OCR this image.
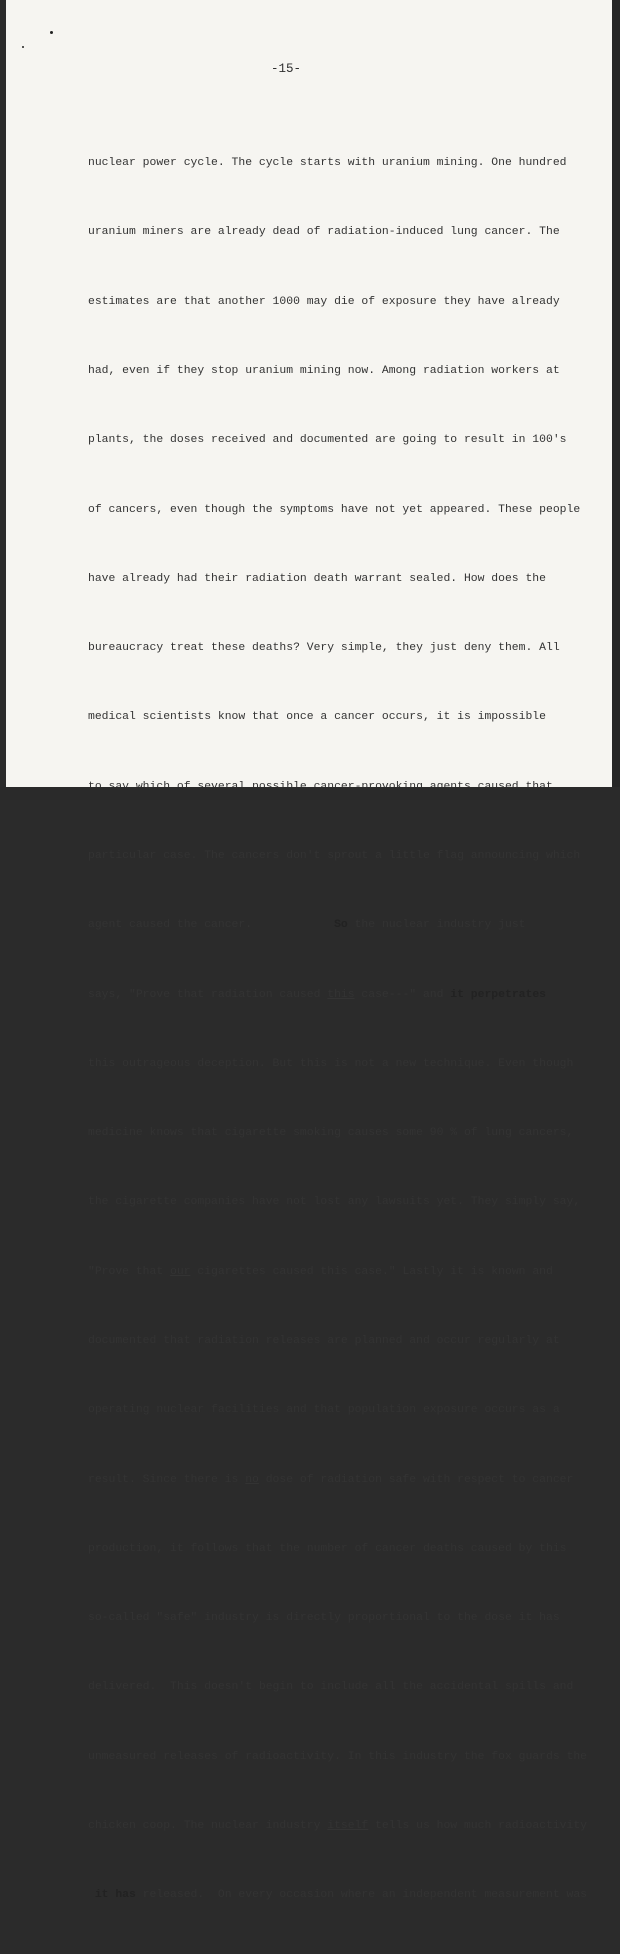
-15-

nuclear power cycle. The cycle starts with uranium mining. One hundred

uranium miners are already dead of radiation-induced lung cancer. The

estimates are that another 1000 may die of exposure they have already

had, even if they stop uranium mining now. Among radiation workers at

plants, the doses received and documented are going to result in 100's

of cancers, even though the symptoms have not yet appeared. These people

have already had their radiation death warrant sealed. How does the

bureaucracy treat these deaths? Very simple, they just deny them. All

medical scientists know that once a cancer occurs, it is impossible

particular case. The cancers don't sprout a little flag announcing which

agent caused the cancer.	So the nuclear industry just

says, "Prove that radiation caused this case---" and it perpetrates

this outrageous deception. But this is not a new technique. Even though

medicine knows that cigarette smoking causes some 90 % of lung cancers,

the cigarette companies have not lost any lawsuits yet. They simply say,

"Prove that our cigarettes caused this case." Lastly it is known and

documented that radiation releases are planned and occur regularly at

operating nuclear facilities and that population exposure occurs as a

result. Since there is no dose of radiation safe with respect to cancer

production, it follows that the number of cancer deaths caused by this

so-called "safe" industry is directly proportional to the dose it has

delivered.  This doesn't begin to include all the accidental spills and

unmeasured releases of radioactivity. In this industry the fox guards the

chicken coop. The nuclear industry itself tells us how much radioactivity

it has released.  On every occasion where an independent measurement was
